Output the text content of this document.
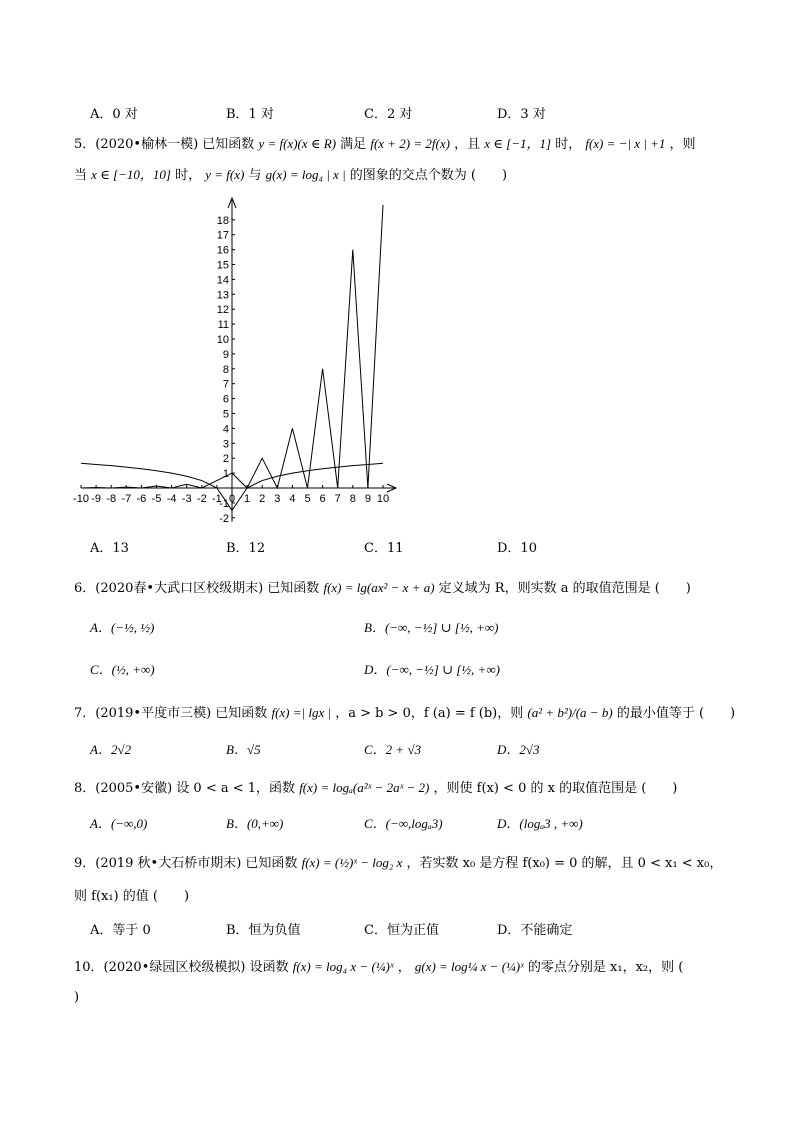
A．0 对	B．1 对	C．2 对	D．3 对
5．(2020•榆林一模) 已知函数 y = f(x)(x ∈ R) 满足 f(x + 2) = 2f(x) ，且 x ∈ [−1，1] 时， f(x) = −| x | +1 ，则
当 x ∈ [−10，10] 时， y = f(x) 与 g(x) = log₄ | x | 的图象的交点个数为 (　　)
-10 -9 -8 -7 -6 -5 -4 -3 -2 -1 0 1 2 3 4 5 6 7 8 9 10
-2
-1
1
2
3
4
5
6
7
8
9
10
11
12
13
14
15
16
17
18
A．13	B．12	C．11	D．10
6．(2020春•大武口区校级期末) 已知函数 f(x) = lg(ax² − x + a) 定义域为 R，则实数 a 的取值范围是 (　　)
A．(−½, ½)	B．(−∞, −½] ∪ [½, +∞)
C．(½, +∞)	D．(−∞, −½] ∪ [½, +∞)
7．(2019•平度市三模) 已知函数 f(x) =| lgx | ，a > b > 0，f (a) = f (b)，则 (a² + b²)/(a − b) 的最小值等于 (　　)
A．2√2	B．√5	C．2 + √3	D．2√3
8．(2005•安徽) 设 0 < a < 1，函数 f(x) = logₐ(a²ˣ − 2aˣ − 2) ，则使 f(x) < 0 的 x 的取值范围是 (　　)
A．(−∞,0)	B．(0,+∞)	C．(−∞,logₐ3)	D．(logₐ3 , +∞)
9．(2019 秋•大石桥市期末) 已知函数 f(x) = (½)ˣ − log₂ x ，若实数 x₀ 是方程 f(x₀) = 0 的解，且 0 < x₁ < x₀，
则 f(x₁) 的值 (　　)
A．等于 0	B．恒为负值	C．恒为正值	D．不能确定
10．(2020•绿园区校级模拟) 设函数 f(x) = log₄ x − (¼)ˣ ， g(x) = log¼ x − (¼)ˣ 的零点分别是 x₁，x₂，则 (
)
